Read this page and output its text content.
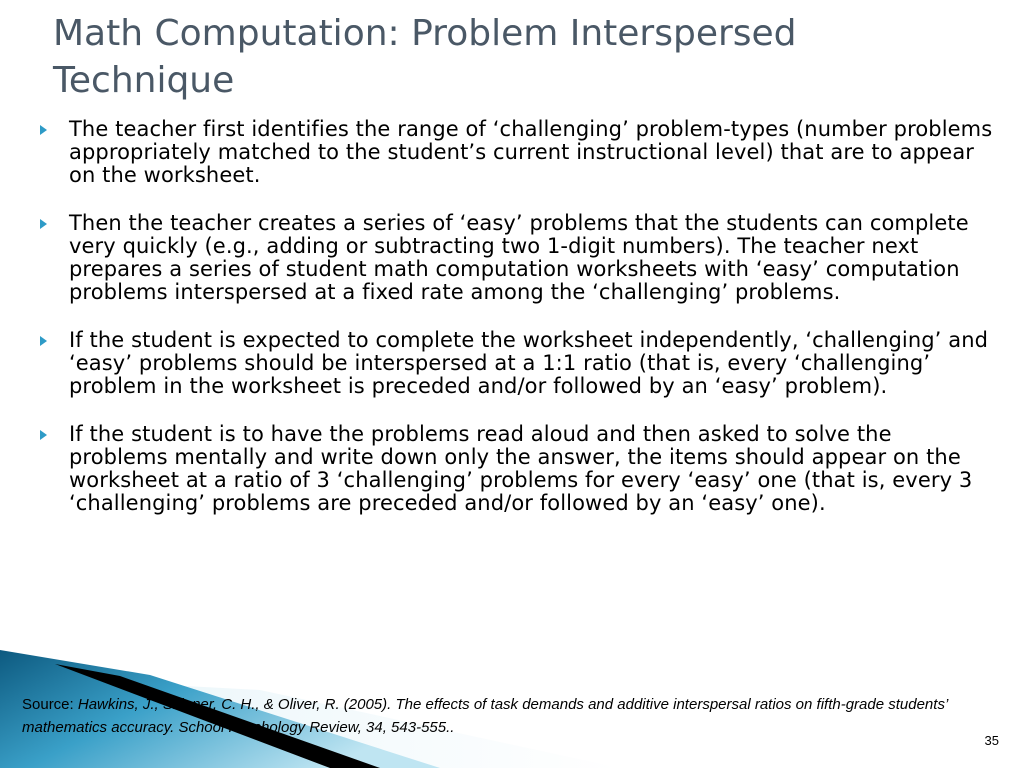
Math Computation: Problem Interspersed Technique
The teacher first identifies the range of ‘challenging’ problem-types (number problems appropriately matched to the student’s current instructional level) that are to appear on the worksheet.
Then the teacher creates a series of ‘easy’ problems that the students can complete very quickly (e.g., adding or subtracting two 1-digit numbers). The teacher next prepares a series of student math computation worksheets with ‘easy’ computation problems interspersed at a fixed rate among the ‘challenging’ problems.
If the student is expected to complete the worksheet independently, ‘challenging’ and ‘easy’ problems should be interspersed at a 1:1 ratio (that is, every ‘challenging’ problem in the worksheet is preceded and/or followed by an ‘easy’ problem).
If the student is to have the problems read aloud and then asked to solve the problems mentally and write down only the answer, the items should appear on the worksheet at a ratio of 3 ‘challenging’ problems for every ‘easy’ one (that is, every 3 ‘challenging’ problems are preceded and/or followed by an ‘easy’ one).
Source: Hawkins, J., Skinner, C. H., & Oliver, R. (2005). The effects of task demands and additive interspersal ratios on fifth-grade students’ mathematics accuracy. School Psychology Review, 34, 543-555..
35
